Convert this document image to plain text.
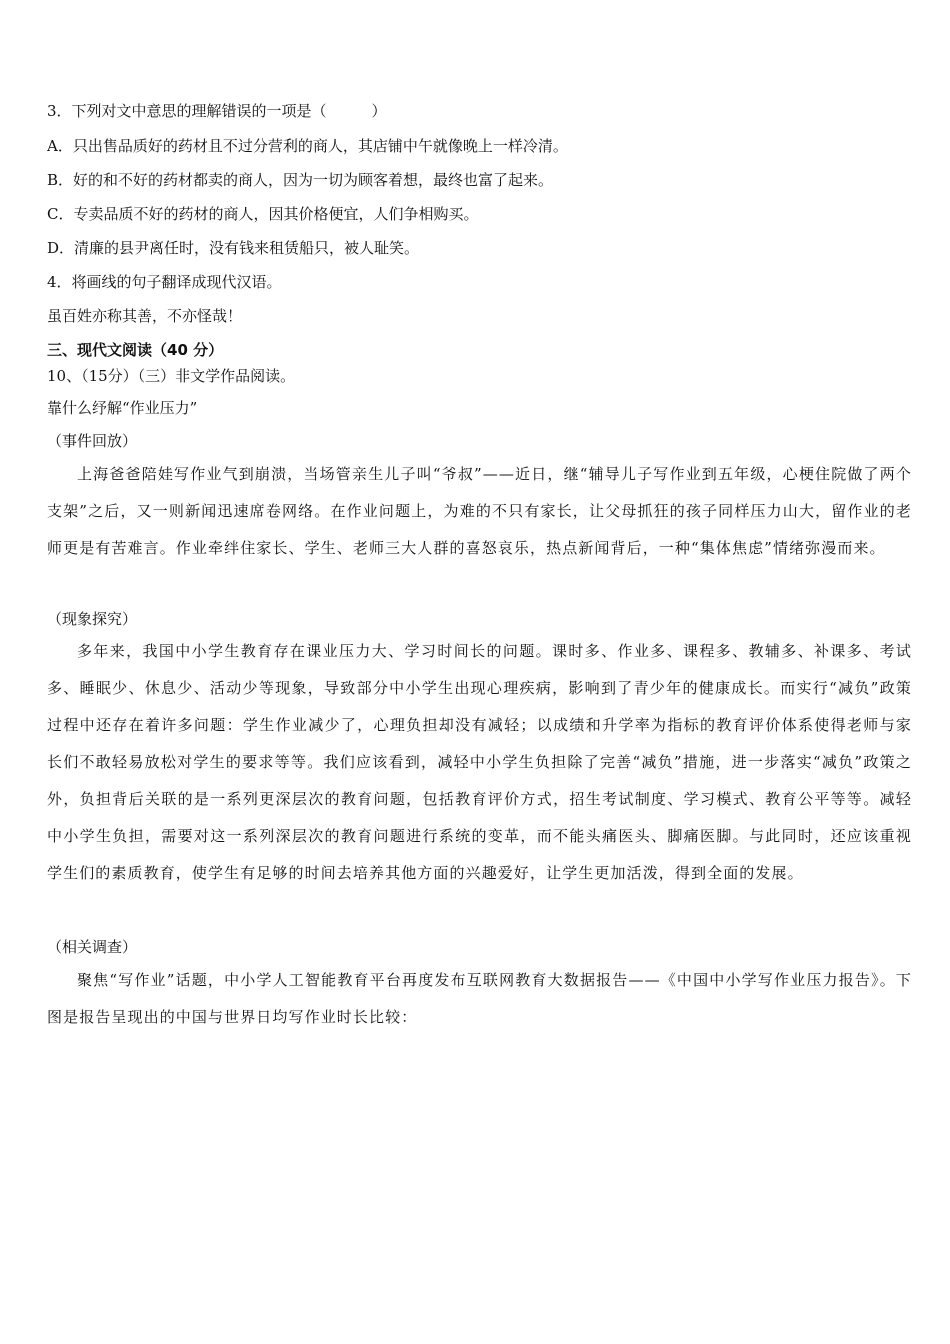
3．下列对文中意思的理解错误的一项是（　　　）
A．只出售品质好的药材且不过分营利的商人，其店铺中午就像晚上一样冷清。
B．好的和不好的药材都卖的商人，因为一切为顾客着想，最终也富了起来。
C．专卖品质不好的药材的商人，因其价格便宜，人们争相购买。
D．清廉的县尹离任时，没有钱来租赁船只，被人耻笑。
4．将画线的句子翻译成现代汉语。
虽百姓亦称其善，不亦怪哉！
三、现代文阅读（40 分）
10、（15分）（三）非文学作品阅读。
靠什么纾解“作业压力”
（事件回放）

上海爸爸陪娃写作业气到崩溃，当场管亲生儿子叫“爷叔”——近日，继“辅导儿子写作业到五年级，心梗住院做了两个支架”之后，又一则新闻迅速席卷网络。在作业问题上，为难的不只有家长，让父母抓狂的孩子同样压力山大，留作业的老师更是有苦难言。作业牵绊住家长、学生、老师三大人群的喜怒哀乐，热点新闻背后，一种“集体焦虑”情绪弥漫而来。

（现象探究）

多年来，我国中小学生教育存在课业压力大、学习时间长的问题。课时多、作业多、课程多、教辅多、补课多、考试多、睡眠少、休息少、活动少等现象，导致部分中小学生出现心理疾病，影响到了青少年的健康成长。而实行“减负”政策过程中还存在着许多问题：学生作业减少了，心理负担却没有减轻；以成绩和升学率为指标的教育评价体系使得老师与家长们不敢轻易放松对学生的要求等等。我们应该看到，减轻中小学生负担除了完善“减负”措施，进一步落实“减负”政策之外，负担背后关联的是一系列更深层次的教育问题，包括教育评价方式，招生考试制度、学习模式、教育公平等等。减轻中小学生负担，需要对这一系列深层次的教育问题进行系统的变革，而不能头痛医头、脚痛医脚。与此同时，还应该重视学生们的素质教育，使学生有足够的时间去培养其他方面的兴趣爱好，让学生更加活泼，得到全面的发展。

（相关调查）

聚焦“写作业”话题，中小学人工智能教育平台再度发布互联网教育大数据报告——《中国中小学写作业压力报告》。下图是报告呈现出的中国与世界日均写作业时长比较：
